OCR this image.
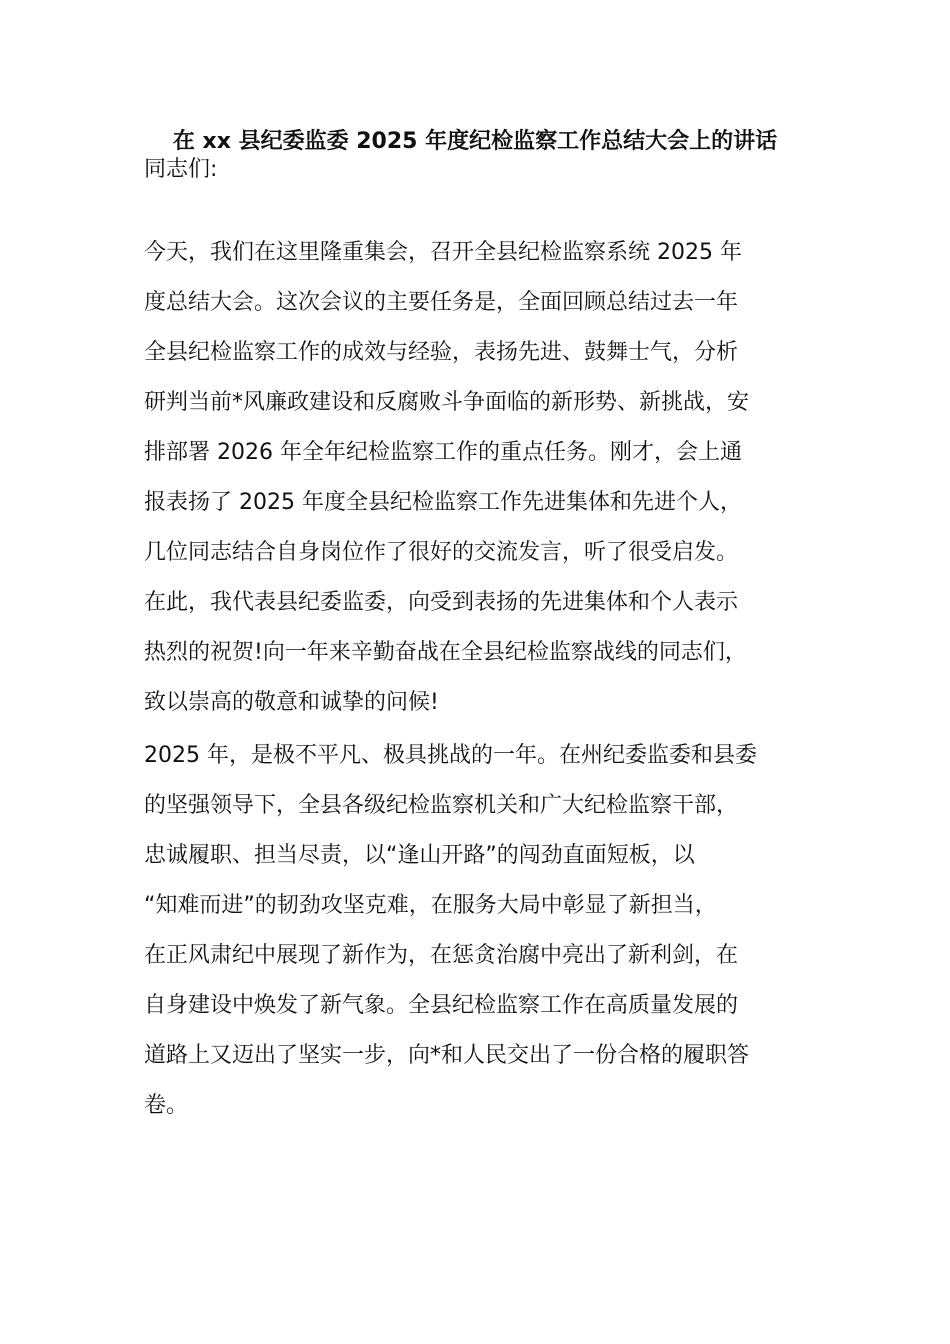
在 xx 县纪委监委 2025 年度纪检监察工作总结大会上的讲话
同志们:
今天，我们在这里隆重集会，召开全县纪检监察系统 2025 年
度总结大会。这次会议的主要任务是，全面回顾总结过去一年
全县纪检监察工作的成效与经验，表扬先进、鼓舞士气，分析
研判当前*风廉政建设和反腐败斗争面临的新形势、新挑战，安
排部署 2026 年全年纪检监察工作的重点任务。刚才，会上通
报表扬了 2025 年度全县纪检监察工作先进集体和先进个人，
几位同志结合自身岗位作了很好的交流发言，听了很受启发。
在此，我代表县纪委监委，向受到表扬的先进集体和个人表示
热烈的祝贺!向一年来辛勤奋战在全县纪检监察战线的同志们，
致以崇高的敬意和诚挚的问候!
2025 年，是极不平凡、极具挑战的一年。在州纪委监委和县委
的坚强领导下，全县各级纪检监察机关和广大纪检监察干部，
忠诚履职、担当尽责，以“逢山开路”的闯劲直面短板，以
“知难而进”的韧劲攻坚克难，在服务大局中彰显了新担当，
在正风肃纪中展现了新作为，在惩贪治腐中亮出了新利剑，在
自身建设中焕发了新气象。全县纪检监察工作在高质量发展的
道路上又迈出了坚实一步，向*和人民交出了一份合格的履职答
卷。
